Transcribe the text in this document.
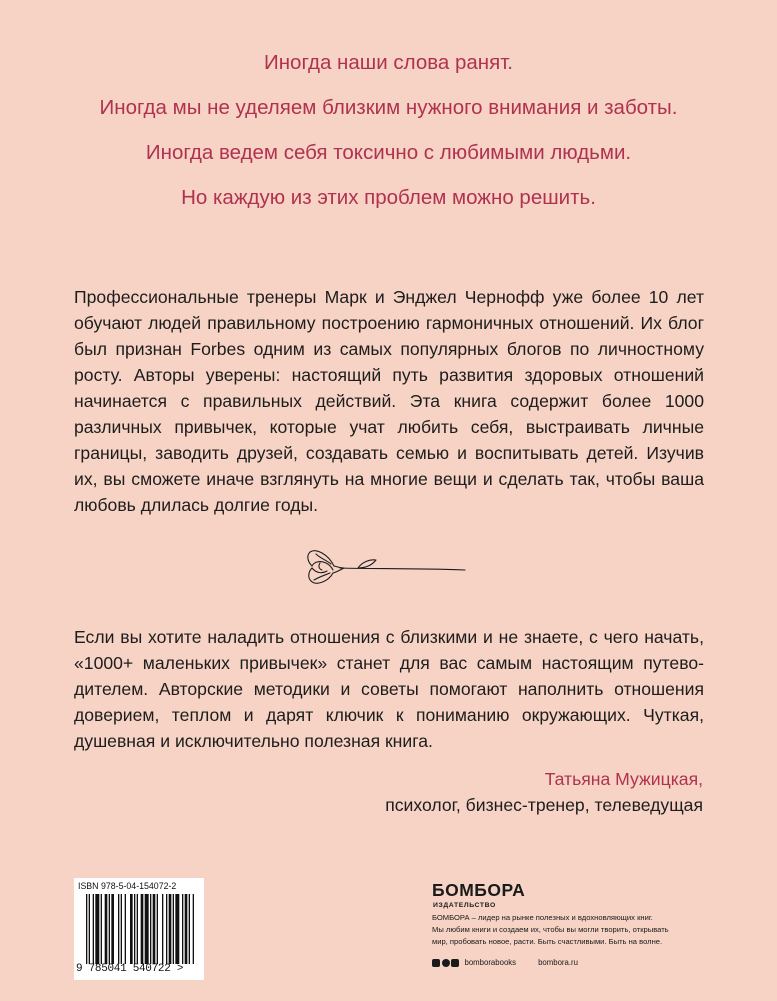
Иногда наши слова ранят.

Иногда мы не уделяем близким нужного внимания и заботы.

Иногда ведем себя токсично с любимыми людьми.

Но каждую из этих проблем можно решить.

Профессиональные тренеры Марк и Энджел Чернофф уже более 10 лет обучают людей правильному построению гармоничных отношений. Их блог был признан Forbes одним из самых популярных блогов по личностному росту. Авторы уверены: настоящий путь развития здоровых отношений начинается с правильных действий. Эта книга содержит более 1000 различных привычек, которые учат любить себя, выстраивать личные границы, заводить друзей, создавать семью и воспитывать детей. Изучив их, вы сможете иначе взглянуть на многие вещи и сделать так, чтобы ваша любовь длилась долгие годы.

Если вы хотите наладить отношения с близкими и не знаете, с чего начать, «1000+ маленьких привычек» станет для вас самым настоящим путеводителем. Авторские методики и советы помогают наполнить отношения доверием, теплом и дарят ключик к пониманию окружающих. Чуткая, душевная и исключительно полезная книга.

Татьяна Мужицкая,
психолог, бизнес-тренер, телеведущая
ISBN 978-5-04-154072-2
9 785041 540722 >
БОМБОРА
ИЗДАТЕЛЬСТВО
БОМБОРА – лидер на рынке полезных и вдохновляющих книг.
Мы любим книги и создаем их, чтобы вы могли творить, открывать
мир, пробовать новое, расти. Быть счастливыми. Быть на волне.
bomborabooks	bombora.ru
